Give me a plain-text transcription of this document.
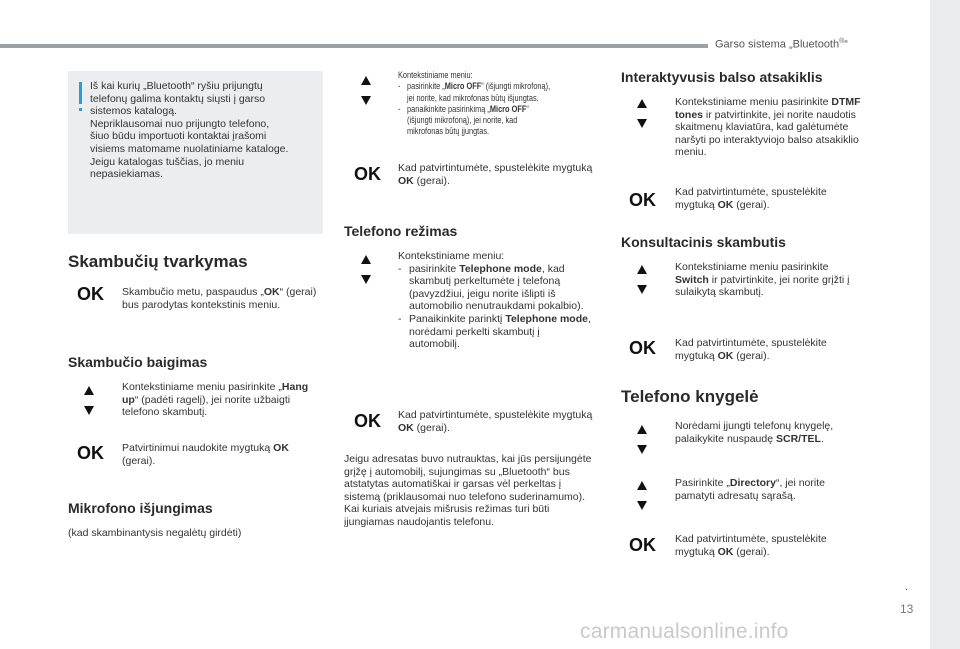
Garso sistema „Bluetooth®“
.
13
carmanualsonline.info
Iš kai kurių „Bluetooth“ ryšiu prijungtų
telefonų galima kontaktų siųsti į garso
sistemos katalogą.
Nepriklausomai nuo prijungto telefono,
šiuo būdu importuoti kontaktai įrašomi
visiems matomame nuolatiniame kataloge.
Jeigu katalogas tuščias, jo meniu
nepasiekiamas.
Skambučių tvarkymas
OK Skambučio metu, paspaudus „OK“ (gerai) bus parodytas kontekstinis meniu.
Skambučio baigimas
Kontekstiniame meniu pasirinkite „Hang up“ (padėti ragelį), jei norite užbaigti telefono skambutį.
OK Patvirtinimui naudokite mygtuką OK (gerai).
Mikrofono išjungimas
(kad skambinantysis negalėtų girdėti)
Kontekstiniame meniu:
- pasirinkite „Micro OFF“ (išjungti mikrofoną),
jei norite, kad mikrofonas būtų išjungtas.
- panaikinkite pasirinkimą „Micro OFF“
(išjungti mikrofoną), jei norite, kad
mikrofonas būtų įjungtas.
OK Kad patvirtintumėte, spustelėkite mygtuką OK (gerai).
Telefono režimas
Kontekstiniame meniu:
- pasirinkite Telephone mode, kad skambutį perkeltumėte į telefoną (pavyzdžiui, jeigu norite išlipti iš automobilio nenutraukdami pokalbio).
- Panaikinkite parinktį Telephone mode, norėdami perkelti skambutį į automobilį.
OK Kad patvirtintumėte, spustelėkite mygtuką OK (gerai).
Jeigu adresatas buvo nutrauktas, kai jūs persijungėte grįžę į automobilį, sujungimas su „Bluetooth“ bus atstatytas automatiškai ir garsas vėl perkeltas į sistemą (priklausomai nuo telefono suderinamumo).
Kai kuriais atvejais mišrusis režimas turi būti įjungiamas naudojantis telefonu.
Interaktyvusis balso atsakiklis
Kontekstiniame meniu pasirinkite DTMF tones ir patvirtinkite, jei norite naudotis skaitmenų klaviatūra, kad galėtumėte naršyti po interaktyviojo balso atsakiklio meniu.
OK Kad patvirtintumėte, spustelėkite mygtuką OK (gerai).
Konsultacinis skambutis
Kontekstiniame meniu pasirinkite Switch ir patvirtinkite, jei norite grįžti į sulaikytą skambutį.
OK Kad patvirtintumėte, spustelėkite mygtuką OK (gerai).
Telefono knygelė
Norėdami įjungti telefonų knygelę, palaikykite nuspaudę SCR/TEL.
Pasirinkite „Directory“, jei norite pamatyti adresatų sąrašą.
OK Kad patvirtintumėte, spustelėkite mygtuką OK (gerai).
